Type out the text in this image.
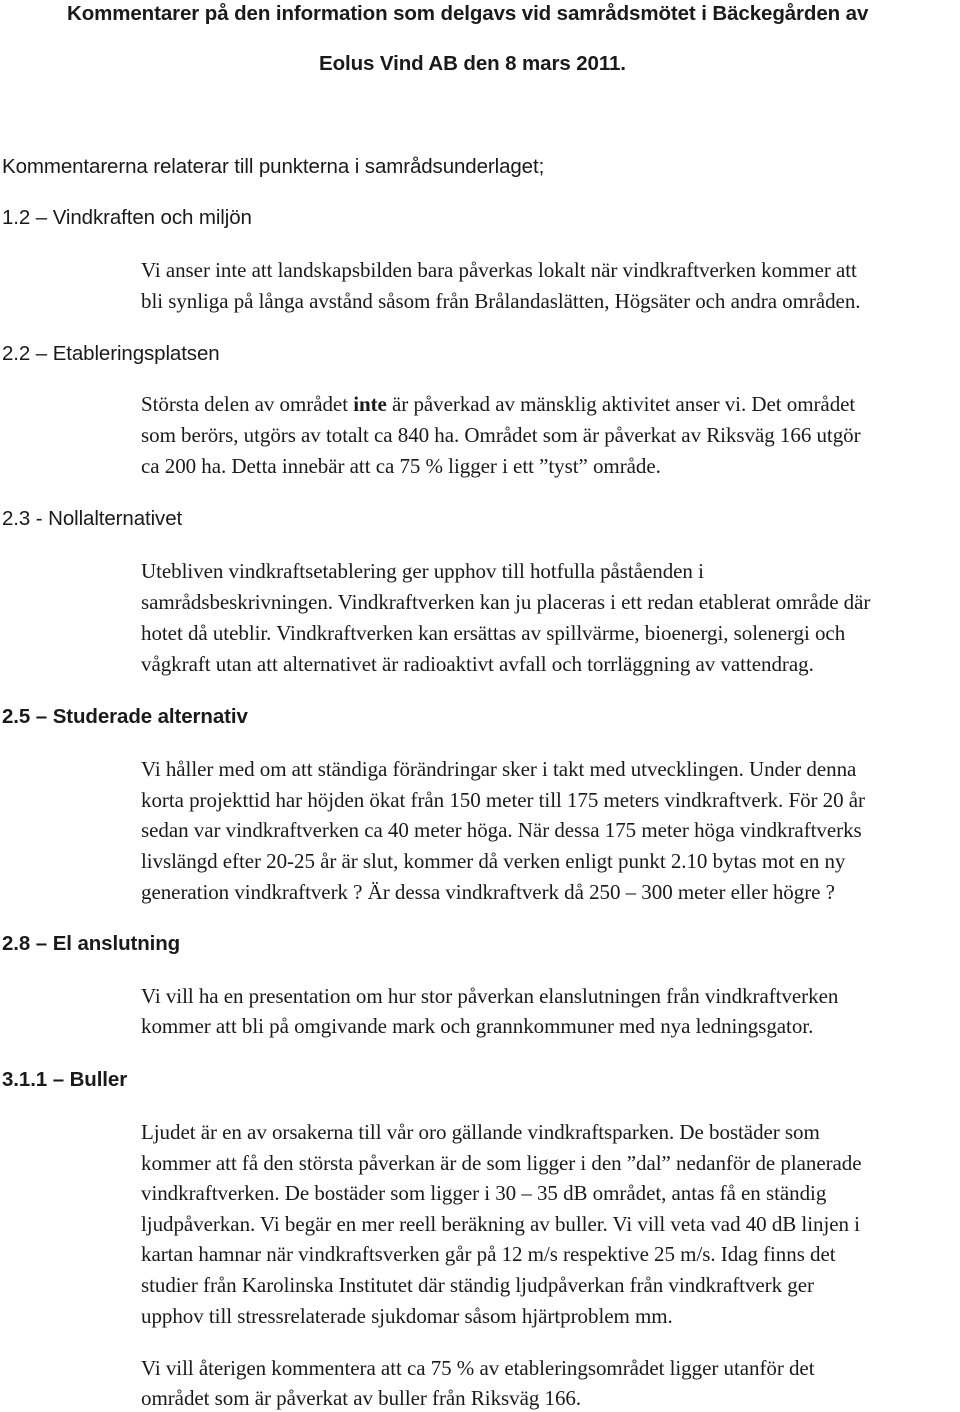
Kommentarer på den information som delgavs vid samrådsmötet i Bäckegården av
Eolus Vind AB den 8 mars 2011.
Kommentarerna relaterar till punkterna i samrådsunderlaget;
1.2 – Vindkraften och miljön
Vi anser inte att landskapsbilden bara påverkas lokalt när vindkraftverken kommer att
bli synliga på långa avstånd såsom från Brålandaslätten, Högsäter och andra områden.
2.2 – Etableringsplatsen
Största delen av området inte är påverkad av mänsklig aktivitet anser vi. Det området
som berörs, utgörs av totalt ca 840 ha. Området som är påverkat av Riksväg 166 utgör
ca 200 ha. Detta innebär att ca 75 % ligger i ett ”tyst” område.
2.3 - Nollalternativet
Utebliven vindkraftsetablering ger upphov till hotfulla påståenden i
samrådsbeskrivningen. Vindkraftverken kan ju placeras i ett redan etablerat område där
hotet då uteblir. Vindkraftverken kan ersättas av spillvärme, bioenergi, solenergi och
vågkraft utan att alternativet är radioaktivt avfall och torrläggning av vattendrag.
2.5 – Studerade alternativ
Vi håller med om att ständiga förändringar sker i takt med utvecklingen. Under denna
korta projekttid har höjden ökat från 150 meter till 175 meters vindkraftverk. För 20 år
sedan var vindkraftverken ca 40 meter höga. När dessa 175 meter höga vindkraftverks
livslängd efter 20-25 år är slut, kommer då verken enligt punkt 2.10 bytas mot en ny
generation vindkraftverk ? Är dessa vindkraftverk då 250 – 300 meter eller högre ?
2.8 – El anslutning
Vi vill ha en presentation om hur stor påverkan elanslutningen från vindkraftverken
kommer att bli på omgivande mark och grannkommuner med nya ledningsgator.
3.1.1 – Buller
Ljudet är en av orsakerna till vår oro gällande vindkraftsparken. De bostäder som
kommer att få den största påverkan är de som ligger i den ”dal” nedanför de planerade
vindkraftverken. De bostäder som ligger i 30 – 35 dB området, antas få en ständig
ljudpåverkan. Vi begär en mer reell beräkning av buller. Vi vill veta vad 40 dB linjen i
kartan hamnar när vindkraftsverken går på 12 m/s respektive 25 m/s. Idag finns det
studier från Karolinska Institutet där ständig ljudpåverkan från vindkraftverk ger
upphov till stressrelaterade sjukdomar såsom hjärtproblem mm.
Vi vill återigen kommentera att ca 75 % av etableringsområdet ligger utanför det
området som är påverkat av buller från Riksväg 166.
